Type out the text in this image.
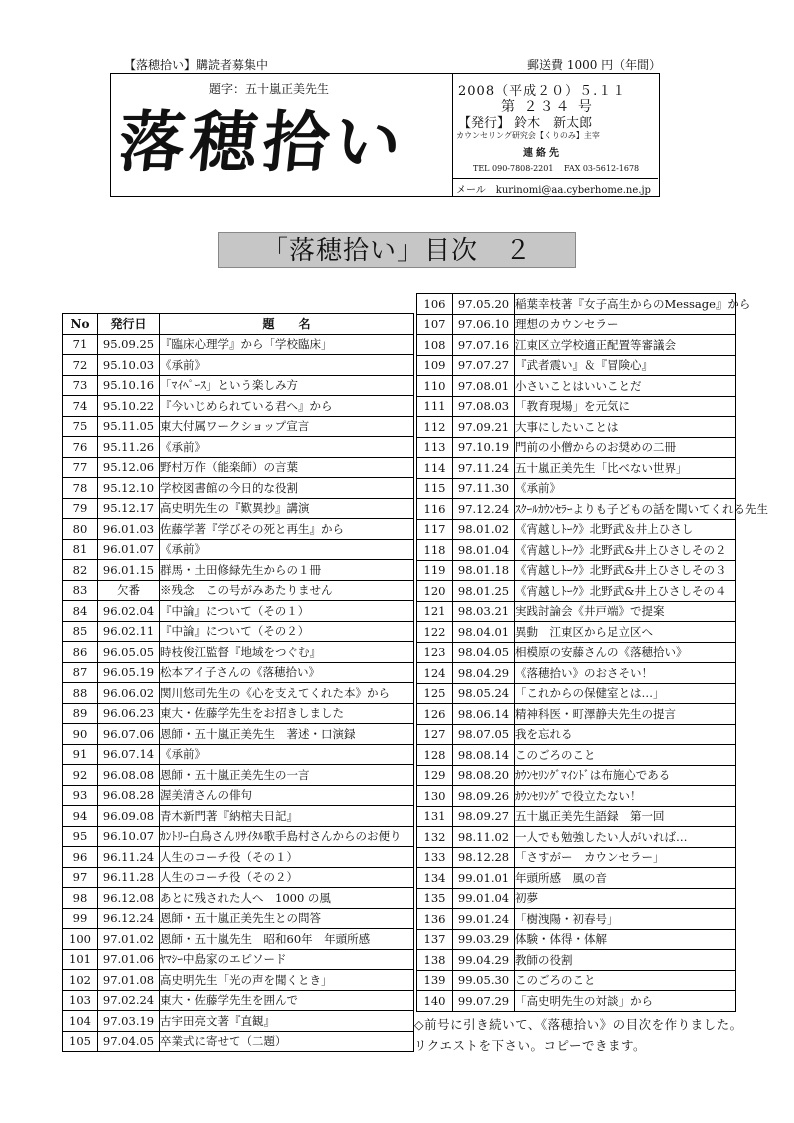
【落穂拾い】購読者募集中	郵送費 1000 円（年間）
題字：五十嵐正美先生
落穂拾い
2008（平成２０）５.１１
第 ２３４ 号
【発行】 鈴木　新太郎
カウンセリング研究会【くりのみ】主宰
連絡先
TEL 090-7808-2201　 FAX 03-5612-1678
メール　kurinomi@aa.cyberhome.ne.jp
「落穂拾い」目次　２
No	発行日	題　　名
71	95.09.25	『臨床心理学』から「学校臨床」
72	95.10.03	《承前》
73	95.10.16	「ﾏｲﾍﾟｰｽ」という楽しみ方
74	95.10.22	『今いじめられている君へ』から
75	95.11.05	東大付属ワークショップ宣言
76	95.11.26	《承前》
77	95.12.06	野村万作（能楽師）の言葉
78	95.12.10	学校図書館の今日的な役割
79	95.12.17	高史明先生の『歎異抄』講演
80	96.01.03	佐藤学著『学びその死と再生』から
81	96.01.07	《承前》
82	96.01.15	群馬・土田修緑先生からの１冊
83	欠番	※残念　この号がみあたりません
84	96.02.04	『中論』について（その１）
85	96.02.11	『中論』について（その２）
86	96.05.05	時枝俊江監督『地域をつぐむ』
87	96.05.19	松本アイ子さんの《落穂拾い》
88	96.06.02	関川悠司先生の《心を支えてくれた本》から
89	96.06.23	東大・佐藤学先生をお招きしました
90	96.07.06	恩師・五十嵐正美先生　著述・口演録
91	96.07.14	《承前》
92	96.08.08	恩師・五十嵐正美先生の一言
93	96.08.28	渥美清さんの俳句
94	96.09.08	青木新門著『納棺夫日記』
95	96.10.07	ｶﾝﾄﾘｰ白鳥さんﾘｻｲﾀﾙ歌手島村さんからのお便り
96	96.11.24	人生のコーチ役（その１）
97	96.11.28	人生のコーチ役（その２）
98	96.12.08	あとに残された人へ　1000 の風
99	96.12.24	恩師・五十嵐正美先生との問答
100	97.01.02	恩師・五十嵐先生　昭和60年　年頭所感
101	97.01.06	ﾔﾏｼｰ中島家のエピソード
102	97.01.08	高史明先生「光の声を聞くとき」
103	97.02.24	東大・佐藤学先生を囲んで
104	97.03.19	古宇田亮文著『直観』
105	97.04.05	卒業式に寄せて（二題）
106	97.05.20	稲葉幸枝著『女子高生からのMessage』から
107	97.06.10	理想のカウンセラー
108	97.07.16	江東区立学校適正配置等審議会
109	97.07.27	『武者震い』＆『冒険心』
110	97.08.01	小さいことはいいことだ
111	97.08.03	「教育現場」を元気に
112	97.09.21	大事にしたいことは
113	97.10.19	門前の小僧からのお奨めの二冊
114	97.11.24	五十嵐正美先生「比べない世界」
115	97.11.30	《承前》
116	97.12.24	ｽｸｰﾙｶｳﾝｾﾗｰよりも子どもの話を聞いてくれる先生
117	98.01.02	《宵越しﾄｰｸ》北野武＆井上ひさし
118	98.01.04	《宵越しﾄｰｸ》北野武&井上ひさしその２
119	98.01.18	《宵越しﾄｰｸ》北野武&井上ひさしその３
120	98.01.25	《宵越しﾄｰｸ》北野武&井上ひさしその４
121	98.03.21	実践討論会《井戸端》で提案
122	98.04.01	異動　江東区から足立区へ
123	98.04.05	相模原の安藤さんの《落穂拾い》
124	98.04.29	《落穂拾い》のおさそい！
125	98.05.24	「これからの保健室とは…」
126	98.06.14	精神科医・町澤静夫先生の提言
127	98.07.05	我を忘れる
128	98.08.14	このごろのこと
129	98.08.20	ｶｳﾝｾﾘﾝｸﾞﾏｲﾝﾄﾞは布施心である
130	98.09.26	ｶｳﾝｾﾘﾝｸﾞで役立たない！
131	98.09.27	五十嵐正美先生語録　第一回
132	98.11.02	一人でも勉強したい人がいれば…
133	98.12.28	「さすがー　カウンセラー」
134	99.01.01	年頭所感　風の音
135	99.01.04	初夢
136	99.01.24	「樹洩陽・初春号」
137	99.03.29	体験・体得・体解
138	99.04.29	教師の役割
139	99.05.30	このごろのこと
140	99.07.29	「高史明先生の対談」から
◇前号に引き続いて、《落穂拾い》の目次を作りました。リクエストを下さい。コピーできます。
